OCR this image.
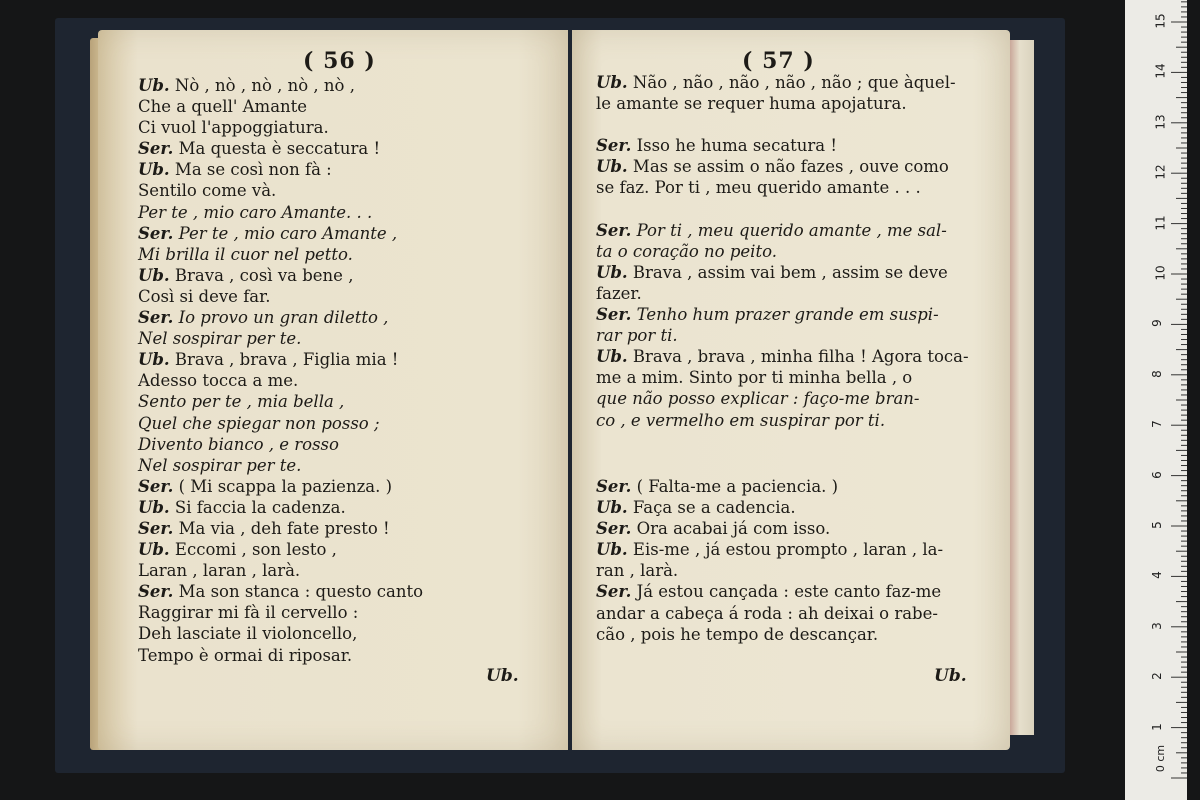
( 56 )
Ub. Nò , nò , nò , nò , nò ,
Che a quell' Amante
Ci vuol l'appoggiatura.
Ser. Ma questa è seccatura !
Ub. Ma se così non fà :
Sentilo come và.
Per te , mio caro Amante. . .
Ser. Per te , mio caro Amante ,
Mi brilla il cuor nel petto.
Ub. Brava , così va bene ,
Così si deve far.
Ser. Io provo un gran diletto ,
Nel sospirar per te.
Ub. Brava , brava , Figlia mia !
Adesso tocca a me.
Sento per te , mia bella ,
Quel che spiegar non posso ;
Divento bianco , e rosso
Nel sospirar per te.
Ser. ( Mi scappa la pazienza. )
Ub. Si faccia la cadenza.
Ser. Ma via , deh fate presto !
Ub. Eccomi , son lesto ,
Laran , laran , larà.
Ser. Ma son stanca : questo canto
Raggirar mi fà il cervello :
Deh lasciate il violoncello,
Tempo è ormai di riposar.
Ub.
( 57 )
Ub. Não , não , não , não , não ; que àquel-
le amante se requer huma apojatura.
Ser. Isso he huma secatura !
Ub. Mas se assim o não fazes , ouve como
se faz. Por ti , meu querido amante . . .
Ser. Por ti , meu querido amante , me sal-
ta o coração no peito.
Ub. Brava , assim vai bem , assim se deve
fazer.
Ser. Tenho hum prazer grande em suspi-
rar por ti.
Ub. Brava , brava , minha filha ! Agora toca-
me a mim. Sinto por ti minha bella , o
que não posso explicar : faço-me bran-
co , e vermelho em suspirar por ti.
Ser. ( Falta-me a paciencia. )
Ub. Faça se a cadencia.
Ser. Ora acabai já com isso.
Ub. Eis-me , já estou prompto , laran , la-
ran , larà.
Ser. Já estou cançada : este canto faz-me
andar a cabeça á roda : ah deixai o rabe-
cão , pois he tempo de descançar.
Ub.
1
2
3
4
5
6
7
8
9
10
11
12
13
14
15
0 cm
